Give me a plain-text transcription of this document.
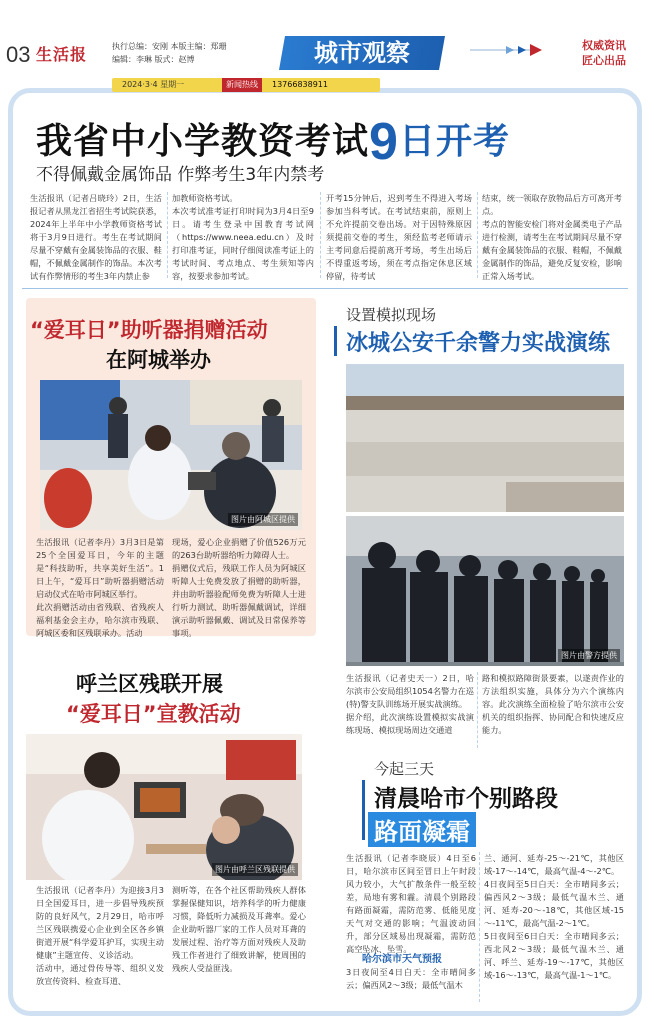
03 生活报	执行总编：安刚 本版主编：郑珊
编辑：李琳 版式：赵博	城市观察	权威资讯
匠心出品
2024·3·4 星期一	新闻热线	13766838911
我省中小学教资考试9日开考
不得佩戴金属饰品 作弊考生3年内禁考
生活报讯（记者吕晓玲）2日，生活报记者从黑龙江省招生考试院获悉，2024年上半年中小学教师资格考试将于3月9日进行。考生在考试期间尽量不穿戴有金属装饰品的衣服、鞋帽，不佩戴金属制作的饰品。本次考试有作弊情形的考生3年内禁止参
加教师资格考试。
本次考试准考证打印时间为3月4日至9日。请考生登录中国教育考试网（https://www.neea.edu.cn）及时打印准考证，同时仔细阅读准考证上的考试时间、考点地点、考生须知等内容，按要求参加考试。
开考15分钟后，迟到考生不得进入考场参加当科考试。在考试结束前，原则上不允许提前交卷出场。对于因特殊原因须提前交卷的考生，须经监考老师请示主考同意后提前离开考场，考生出场后不得重返考场，须在考点指定休息区域停留，待考试
结束，统一领取存放物品后方可离开考点。
考点的智能安检门将对金属类电子产品进行检测，请考生在考试期间尽量不穿戴有金属装饰品的衣服、鞋帽，不佩戴金属制作的饰品，避免反复安检，影响正常入场考试。
“爱耳日”助听器捐赠活动
在阿城举办
图片由阿城区提供
生活报讯（记者李丹）3月3日是第25个全国爱耳日，今年的主题是“科技助听，共享美好生活”。1日上午，“爱耳日”助听器捐赠活动启动仪式在哈市阿城区举行。
此次捐赠活动由省残联、省残疾人福利基金会主办，哈尔滨市残联、阿城区委和区残联承办。活动
现场，爱心企业捐赠了价值526万元的263台助听器给听力障碍人士。
捐赠仪式后，残联工作人员为阿城区听障人士免费发放了捐赠的助听器，并由助听器验配师免费为听障人士进行听力测试、助听器佩戴调试，详细演示助听器佩戴、调试及日常保养等事项。
呼兰区残联开展
“爱耳日”宣教活动
图片由呼兰区残联提供
生活报讯（记者李丹）为迎接3月3日全国爱耳日，进一步倡导残疾预防的良好风气，2月29日，哈市呼兰区残联携爱心企业到全区各乡镇街道开展“科学爱耳护耳，实现主动健康”主题宣传、义诊活动。
活动中，通过骨传导等、组织义发放宣传资料、检查耳道、
测听等，在各个社区帮助残疾人群体掌握保健知识，培养科学的听力健康习惯，降低听力减损及耳聋率。爱心企业助听器厂家的工作人员对耳聋的发展过程、治疗等方面对残疾人及助残工作者进行了细致讲解，使周围的残疾人受益匪浅。
设置模拟现场
冰城公安千余警力实战演练
图片由警方提供
生活报讯（记者史天一）2日，哈尔滨市公安局组织1054名警力在巡(特)警支队训练场开展实战演练。
据介绍，此次演练设置模拟实战演练现场、模拟现场周边交通道
路和模拟路障街景要素，以遂责作业的方法组织实施，具体分为六个演练内容。此次演练全面检验了哈尔滨市公安机关的组织指挥、协同配合和快速反应能力。
今起三天
清晨哈市个别路段
路面凝霜
生活报讯（记者李晓辰）4日至6日，哈尔滨市区间至冒日上午时段风力较小，大气扩散条件一般至较差，局地有雾和霾。清晨个别路段有路面凝霜，需防范雾、低能见度天气对交通的影响；气温波动回升，部分区域易出现凝霜，需防范高空坠冰、坠雪。
哈尔滨市天气预报
3日夜间至4日白天：全市晴间多云；偏西风2～3级；最低气温木
兰、通河、延寿-25～-21℃，其他区域-17～-14℃，最高气温-4～-2℃。
4日夜间至5日白天：全市晴间多云；偏西风2～3级；最低气温木兰、通河、延寿-20～-18℃，其他区域-15～-11℃，最高气温-2～1℃。
5日夜间至6日白天：全市晴间多云；西北风2～3级；最低气温木兰、通河、呼兰、延寿-19～-17℃，其他区域-16～-13℃，最高气温-1～1℃。
